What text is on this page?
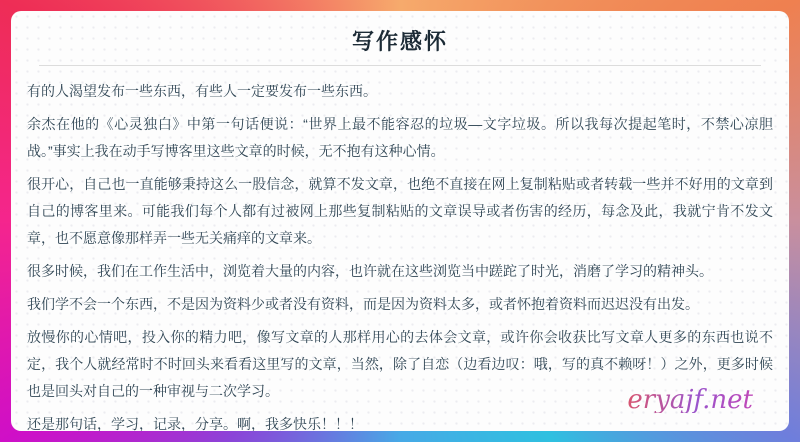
写作感怀

有的人渴望发布一些东西，有些人一定要发布一些东西。

余杰在他的《心灵独白》中第一句话便说：“世界上最不能容忍的垃圾—文字垃圾。所以我每次提起笔时，不禁心凉胆战。”事实上我在动手写博客里这些文章的时候，无不抱有这种心情。

很开心，自己也一直能够秉持这么一股信念，就算不发文章，也绝不直接在网上复制粘贴或者转载一些并不好用的文章到自己的博客里来。可能我们每个人都有过被网上那些复制粘贴的文章误导或者伤害的经历，每念及此，我就宁肯不发文章，也不愿意像那样弄一些无关痛痒的文章来。

很多时候，我们在工作生活中，浏览着大量的内容，也许就在这些浏览当中蹉跎了时光，消磨了学习的精神头。

我们学不会一个东西，不是因为资料少或者没有资料，而是因为资料太多，或者怀抱着资料而迟迟没有出发。

放慢你的心情吧，投入你的精力吧，像写文章的人那样用心的去体会文章，或许你会收获比写文章人更多的东西也说不定，我个人就经常时不时回头来看看这里写的文章，当然，除了自恋（边看边叹：哦，写的真不赖呀！）之外，更多时候也是回头对自己的一种审视与二次学习。

还是那句话，学习，记录，分享。啊，我多快乐！！！

eryajf.net
